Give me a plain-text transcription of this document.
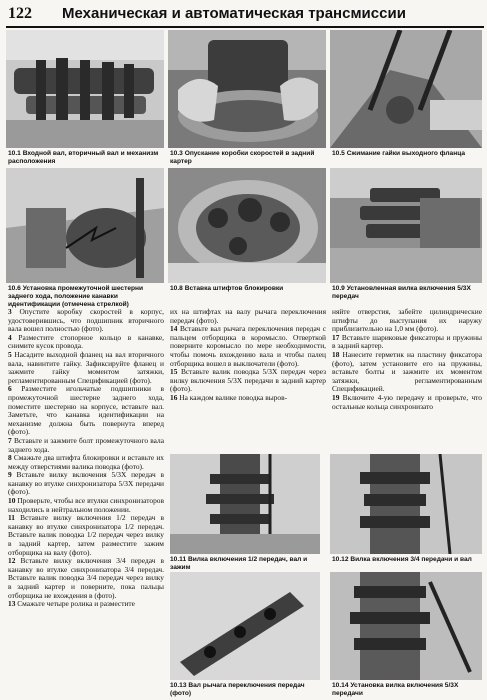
122 Механическая и автоматическая трансмиссии
10.1 Входной вал, вторичный вал и механизм расположения
10.3 Опускание коробки скоростей в задний картер
10.5 Сжимание гайки выходного фланца
10.6 Установка промежуточной шестерни заднего хода, положение канавки идентификации (отмечена стрелкой)
10.8 Вставка штифтов блокировки	10.9 Установленная вилка включения 5/3X передач

3 Опустите коробку скоростей в корпус, удостоверившись, что подшипник вторичного вала вошел полностью (фото).

4 Разместите стопорное кольцо в канавке, снимите кусок провода.

5 Насадите выходной фланец на вал вторичного вала, навинтите гайку. Зафиксируйте фланец и зажмите гайку моментом затяжки, регламентированным Спецификацией (фото).

6 Разместите игольчатые подшипники в промежуточной шестерне заднего хода, поместите шестерню на корпусе, вставьте вал. Заметьте, что канавка идентификации на механизме должна быть повернута вперед (фото).

7 Вставьте и зажмите болт промежуточного вала заднего хода.

8 Смажьте два штифта блокировки и вставьте их между отверстиями валика поводка (фото).

9 Вставьте вилку включения 5/3X передач в канавку во втулке синхронизатора 5/3X передачи (фото).

10 Проверьте, чтобы все втулки синхронизаторов находились в нейтральном положении.

11 Вставьте вилку включения 1/2 передач в канавку во втулке синхронизатора 1/2 передач. Вставьте валик поводка 1/2 передач через вилку в задний картер, затем разместите зажим отборщика на валу (фото).

12 Вставьте вилку включения 3/4 передач в канавку во втулке синхронизатора 3/4 передач. Вставьте валик поводка 3/4 передач через вилку в задний картер и поверните, пока пальцы отборщика не вхождения в (фото).

13 Смажьте четыре ролика и разместите

их на штифтах на валу рычага переключения передач (фото).

14 Вставьте вал рычага переключения передач с пальцем отборщика в коромысло. Отверткой поверните коромысло по мере необходимости, чтобы помочь вхождению вала и чтобы палец отборщика вошел в выключатели (фото).

15 Вставьте валик поводка 5/3X передач через вилку включения 5/3X передачи в задний картер (фото).

16 На каждом валике поводка выров-

няйте отверстия, забейте цилиндрические штифты до выступания их наружу приблизительно на 1,0 мм (фото).

17 Вставьте шариковые фиксаторы и пружины в задний картер.

18 Нанесите герметик на пластину фиксатора (фото), затем установите его на пружины, вставьте болты и зажмите их моментом затяжки, регламентированным Спецификацией.

19 Включите 4-ую передачу и проверьте, что остальные кольца синхронизато

10.11 Вилка включения 1/2 передач, вал и зажим
10.12 Вилка включения 3/4 передачи и вал
10.13 Вал рычага переключения передач (фото)
10.14 Установка вилка включения 5/3X передачи
